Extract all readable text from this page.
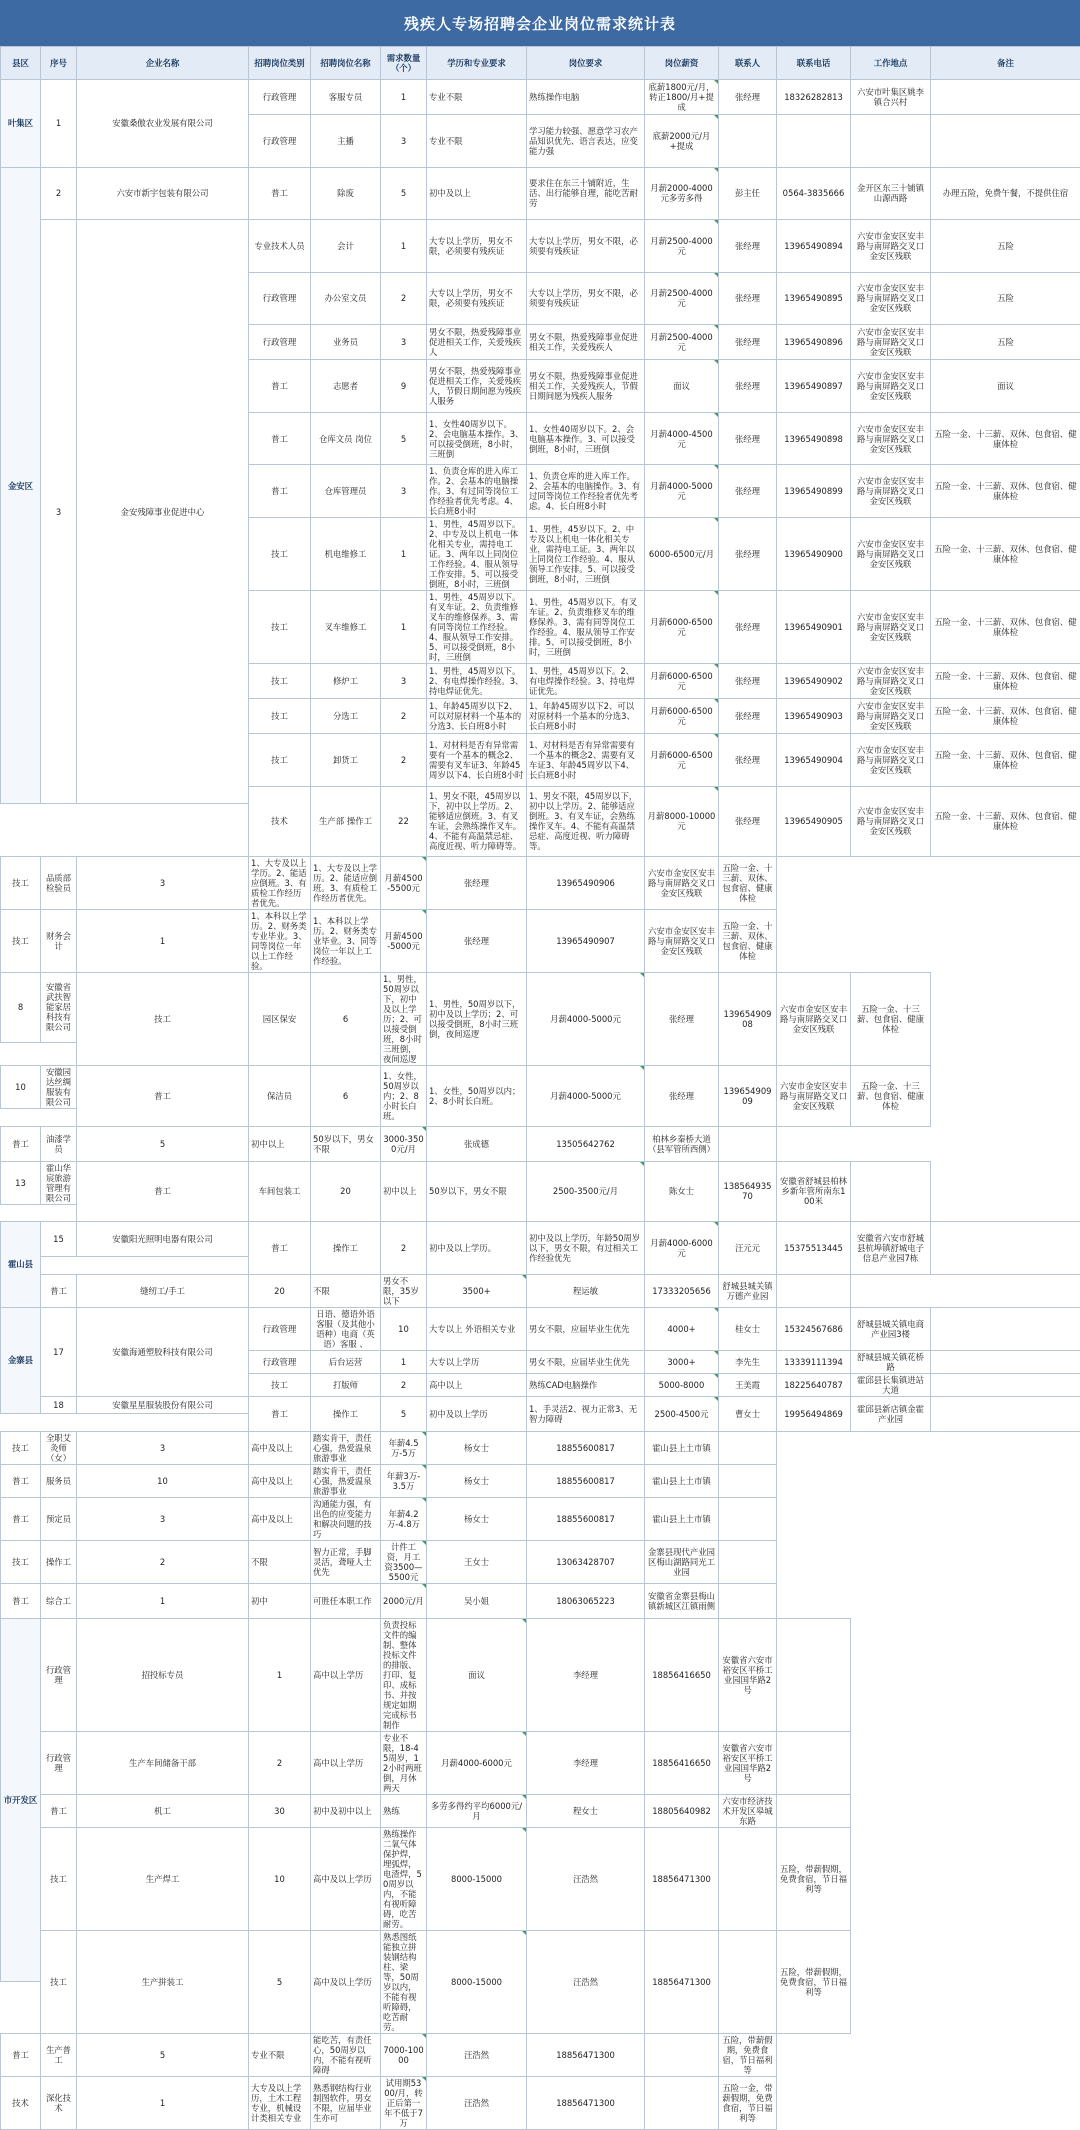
残疾人专场招聘会企业岗位需求统计表
县区	序号	企业名称	招聘岗位类别	招聘岗位名称	需求数量（个）	学历和专业要求	岗位要求	岗位薪资	联系人	联系电话	工作地点	备注
叶集区	1	安徽桑傲农业发展有限公司	行政管理	客服专员	1	专业不限	熟练操作电脑	底薪1800元/月，转正1800/月+提成	张经理	18326282813	六安市叶集区姚李镇合兴村	

			行政管理	主播	3	专业不限	学习能力较强、愿意学习农产品知识优先、语言表达，应变能力强	底薪2000元/月+提成				

金安区	2	六安市新宇包装有限公司	普工	除废	5	初中及以上	要求住在东三十铺附近，生活、出行能够自理，能吃苦耐劳	月薪2000-4000元多劳多得	彭主任	0564-3835666	金开区东三十铺镇山源西路	办理五险，免费午餐，不提供住宿

	3	金安残障事业促进中心	专业技术人员	会计	1	大专以上学历，男女不限，必须要有残疾证	大专以上学历，男女不限，必须要有残疾证	月薪2500-4000元	张经理	13965490894	六安市金安区安丰路与南屏路交叉口金安区残联	五险

			行政管理	办公室文员	2	大专以上学历，男女不限，必须要有残疾证	大专以上学历，男女不限，必须要有残疾证	月薪2500-4000元	张经理	13965490895	六安市金安区安丰路与南屏路交叉口金安区残联	五险

			行政管理	业务员	3	男女不限，热爱残障事业促进相关工作，关爱残疾人	男女不限，热爱残障事业促进相关工作，关爱残疾人	月薪2500-4000元	张经理	13965490896	六安市金安区安丰路与南屏路交叉口金安区残联	五险

			普工	志愿者	9	男女不限，热爱残障事业促进相关工作，关爱残疾人，节假日期间愿为残疾人服务	男女不限，热爱残障事业促进相关工作，关爱残疾人，节假日期间愿为残疾人服务	面议	张经理	13965490897	六安市金安区安丰路与南屏路交叉口金安区残联	面议

			普工	仓库文员 岗位	5	1、女性40周岁以下。2、会电脑基本操作。3、可以接受倒班，8小时，三班倒	1、女性40周岁以下。2、会电脑基本操作。3、可以接受倒班，8小时，三班倒	月薪4000-4500元	张经理	13965490898	六安市金安区安丰路与南屏路交叉口金安区残联	五险一金、十三薪、双休、包食宿、健康体检

			普工	仓库管理员	3	1、负责仓库的进入库工作。2、会基本的电脑操作。3、有过同等岗位工作经验者优先考虑。4、长白班8小时	1、负责仓库的进入库工作。2、会基本的电脑操作。3、有过同等岗位工作经验者优先考虑。4、长白班8小时	月薪4000-5000元	张经理	13965490899	六安市金安区安丰路与南屏路交叉口金安区残联	五险一金、十三薪、双休、包食宿、健康体检

			技工	机电维修工	1	1、男性，45周岁以下。2、中专及以上机电一体化相关专业，需持电工证。3、两年以上同岗位工作经验。4、服从领导工作安排。5、可以接受倒班，8小时，三班倒	1、男性，45岁以下。2、中专及以上机电一体化相关专业，需持电工证。3、两年以上同岗位工作经验。4、服从领导工作安排。5、可以接受倒班，8小时，三班倒	6000-6500元/月	张经理	13965490900	六安市金安区安丰路与南屏路交叉口金安区残联	五险一金、十三薪、双休、包食宿、健康体检

			技工	叉车维修工	1	1、男性，45周岁以下。有叉车证。2、负责维修叉车的维修保养。3、需有同等岗位工作经验。4、服从领导工作安排。5、可以接受倒班，8小时，三班倒	1、男性，45周岁以下。有叉车证。2、负责维修叉车的维修保养。3、需有同等岗位工作经验。4、服从领导工作安排。5、可以接受倒班，8小时，三班倒	月薪6000-6500元	张经理	13965490901	六安市金安区安丰路与南屏路交叉口金安区残联	五险一金、十三薪、双休、包食宿、健康体检

			技工	修炉工	3	1、男性，45周岁以下。2、有电焊操作经验。3、持电焊证优先。	1、男性，45周岁以下。2、有电焊操作经验。3、持电焊证优先。	月薪6000-6500元	张经理	13965490902	六安市金安区安丰路与南屏路交叉口金安区残联	五险一金、十三薪、双休、包食宿、健康体检

			技工	分选工	2	1、年龄45周岁以下2、可以对原材料一个基本的分选3、长白班8小时	1、年龄45周岁以下2、可以对原材料一个基本的分选3、长白班8小时	月薪6000-6500元	张经理	13965490903	六安市金安区安丰路与南屏路交叉口金安区残联	五险一金、十三薪、双休、包食宿、健康体检

			技工	卸货工	2	1、对材料是否有异常需要有一个基本的概念2、需要有叉车证3、年龄45周岁以下4、长白班8小时	1、对材料是否有异常需要有一个基本的概念2、需要有叉车证3、年龄45周岁以下4、长白班8小时	月薪6000-6500元	张经理	13965490904	六安市金安区安丰路与南屏路交叉口金安区残联	五险一金、十三薪、双休、包食宿、健康体检

			技术	生产部 操作工	22	1、男女不限，45周岁以下，初中以上学历。2、能够适应倒班。3、有叉车证，会熟练操作叉车。4、不能有高温禁忌症、高度近视、听力障碍等。	1、男女不限，45周岁以下，初中以上学历。2、能够适应倒班。3、有叉车证，会熟练操作叉车。4、不能有高温禁忌症、高度近视、听力障碍等。	月薪8000-10000元	张经理	13965490905	六安市金安区安丰路与南屏路交叉口金安区残联	五险一金、十三薪、双休、包食宿、健康体检

技工	品质部 检验员	3	1、大专及以上学历。2、能适应倒班。3、有质检工作经历者优先。	1、大专及以上学历。2、能适应倒班。3、有质检工作经历者优先。	月薪4500-5500元	张经理	13965490906	六安市金安区安丰路与南屏路交叉口金安区残联	五险一金、十三薪、双休、包食宿、健康体检			

技工	财务会计	1	1、本科以上学历。2、财务类专业毕业。3、同等岗位一年以上工作经验。	1、本科以上学历。2、财务类专业毕业。3、同等岗位一年以上工作经验。	月薪4500-5000元	张经理	13965490907	六安市金安区安丰路与南屏路交叉口金安区残联	五险一金、十三薪、双休、包食宿、健康体检			

8	安徽省武扶智能家居科技有限公司	技工	园区保安	6	1、男性，50周岁以下，初中及以上学历；2、可以接受倒班，8小时三班倒，夜间巡逻	1、男性，50周岁以下，初中及以上学历；2、可以接受倒班，8小时三班倒，夜间巡逻	月薪4000-5000元	张经理	13965490908	六安市金安区安丰路与南屏路交叉口金安区残联	五险一金、十三薪、包食宿、健康体检	

10	安徽园达丝绸服装有限公司	普工	保洁员	6	1、女性，50周岁以内；2、8小时长白班。	1、女性，50周岁以内；2、8小时长白班。	月薪4000-5000元	张经理	13965490909	六安市金安区安丰路与南屏路交叉口金安区残联	五险一金、十三薪、包食宿、健康体检	

普工	油漆学员	5	初中以上	50岁以下，男女不限	3000-3500元/月	张成德	13505642762	柏林乡秦桥大道（县军管所西侧）				

13	霍山华宸旅游管理有限公司	普工	车间包装工	20	初中以上	50岁以下，男女不限	2500-3500元/月	陈女士	13856493570	安徽省舒城县柏林乡新年管所南东100米		

霍山县	15	安徽阳光照明电器有限公司	普工	操作工	2	初中及以上学历。	初中及以上学历，年龄50周岁以下，男女不限，有过相关工作经验优先	月薪4000-6000元	汪元元	15375513445	安徽省六安市舒城县杭埠镇舒城电子信息产业园7栋	

	普工	缝纫工/手工	20	不限	男女不限，35岁以下	3500+	程运敏	17333205656	舒城县城关镇万德产业园			
金寨县	17	安徽海通塑胶科技有限公司	行政管理	日语、德语外语客服（及其他小语种）电商（英语）客服 、	10	大专以上 外语相关专业	男女不限，应届毕业生优先	4000+	桂女士	15324567686	舒城县城关镇电商产业园3楼	

			行政管理	后台运营	1	大专以上学历	男女不限，应届毕业生优先	3000+	李先生	13339111394	舒城县城关镇花桥路	
			技工	打版师	2	高中以上	熟练CAD电脑操作	5000-8000	王美霞	18225640787	霍邱县长集镇进站大道	
	18	安徽星星服装股份有限公司	普工	操作工	5	初中及以上学历	1、手灵活2、视力正常3、无智力障碍	2500-4500元	曹女士	19956494869	霍邱县新店镇金霍产业园	

技工	全职艾灸师（女）	3	高中及以上	踏实肯干，责任心强，热爱温泉旅游事业	年薪4.5万-5万	杨女士	18855600817	霍山县上土市镇				
普工	服务员	10	高中及以上	踏实肯干，责任心强，热爱温泉旅游事业	年薪3万-3.5万	杨女士	18855600817	霍山县上土市镇				
普工	预定员	3	高中及以上	沟通能力强，有出色的应变能力和解决问题的技巧	年薪4.2万-4.8万	杨女士	18855600817	霍山县上土市镇				
技工	操作工	2	不限	智力正常，手脚灵活，聋哑人士优先	计件工资，月工资3500—5500元	王女士	13063428707	金寨县现代产业园区梅山湖路同光工业园				

普工	综合工	1	初中	可胜任本职工作	2000元/月	吴小姐	18063065223	安徽省金寨县梅山镇新城区江镇雨侧				

市开发区	行政管理	招投标专员	1	高中以上学历	负责投标文件的编制、整体投标文件的排版、打印、复印、成标书、并按规定如期完成标书制作	面议	李经理	18856416650	安徽省六安市裕安区平桥工业园国华路2号			

	行政管理	生产车间储备干部	2	高中以上学历	专业不限，18-45周岁，12小时两班倒，月休两天	月薪4000-6000元	李经理	18856416650	安徽省六安市裕安区平桥工业园国华路2号			

	普工	机工	30	初中及初中以上	熟练	多劳多得约平均6000元/月	程女士	18805640982	六安市经济技术开发区皋城东路			
	技工	生产焊工	10	高中及以上学历	熟练操作二氧气体保护焊，埋弧焊，电渣焊，50周岁以内，不能有视听障碍，吃苦耐劳。	8000-15000	汪浩然	18856471300		五险，带薪假期，免费食宿，节日福利等		

	技工	生产拼装工	5	高中及以上学历	熟悉图纸能独立拼装钢结构柱、梁等，50周岁以内，不能有视听障碍，吃苦耐劳。	8000-15000	汪浩然	18856471300		五险，带薪假期，免费食宿，节日福利等		

普工	生产普工	5	专业不限	能吃苦，有责任心，50周岁以内，不能有视听障碍	7000-10000	汪浩然	18856471300		五险，带薪假期，免费食宿，节日福利等			

技术	深化技术	1	大专及以上学历，土木工程专业，机械设计类相关专业	熟悉钢结构行业制图软件，男女不限，应届毕业生亦可	试用期5300/月，转正后第一年不低于7万	汪浩然	18856471300		五险一金，带薪假期，免费食宿，节日福利等			
